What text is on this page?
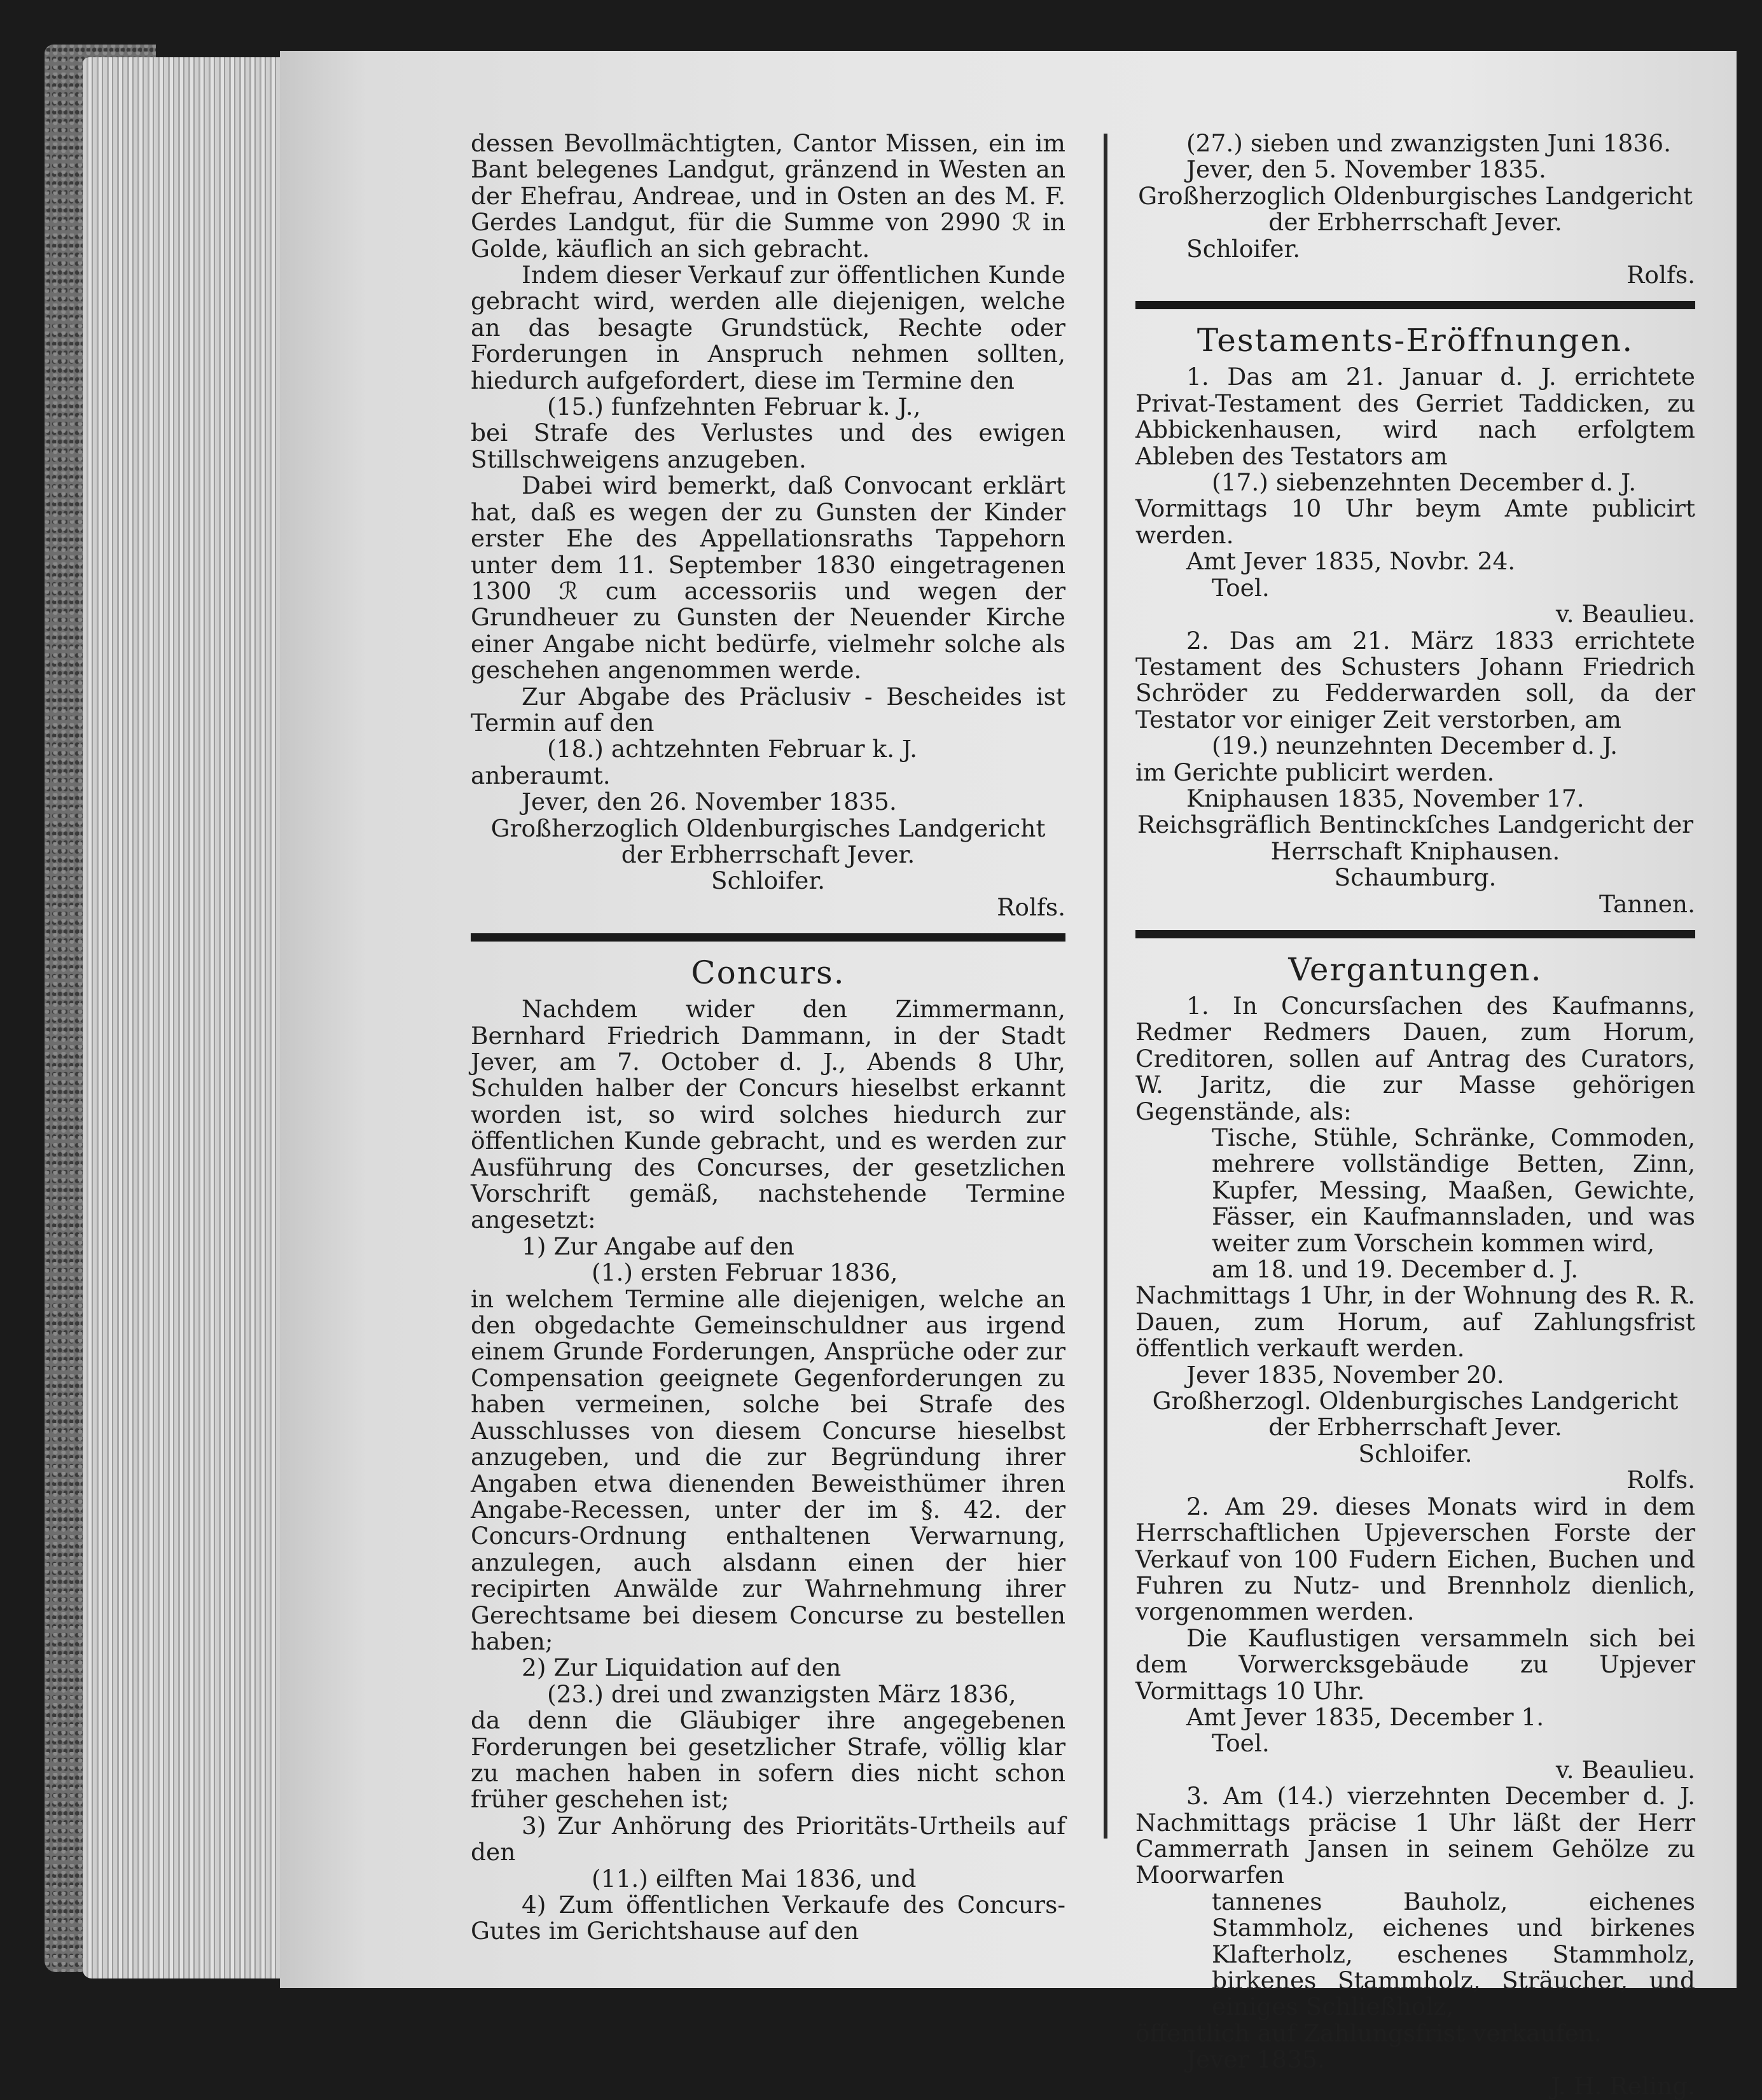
dessen Bevollmächtigten, Cantor Missen, ein im Bant belegenes Landgut, gränzend in Westen an der Ehefrau, Andreae, und in Osten an des M. F. Gerdes Landgut, für die Summe von 2990 ℛ in Golde, käuflich an sich gebracht.

Indem dieser Verkauf zur öffentlichen Kunde gebracht wird, werden alle diejenigen, welche an das besagte Grundstück, Rechte oder Forderungen in Anspruch nehmen sollten, hiedurch aufgefordert, diese im Termine den

(15.) funfzehnten Februar k. J.,

bei Strafe des Verlustes und des ewigen Stillschweigens anzugeben.

Dabei wird bemerkt, daß Convocant erklärt hat, daß es wegen der zu Gunsten der Kinder erster Ehe des Appellationsraths Tappehorn unter dem 11. September 1830 eingetragenen 1300 ℛ cum accessoriis und wegen der Grundheuer zu Gunsten der Neuender Kirche einer Angabe nicht bedürfe, vielmehr solche als geschehen angenommen werde.

Zur Abgabe des Präclusiv - Bescheides ist Termin auf den

(18.) achtzehnten Februar k. J.

anberaumt.

Jever, den 26. November 1835.

Großherzoglich Oldenburgisches Landgericht der Erbherrschaft Jever.

Schloifer.

Rolfs.

Concurs.

Nachdem wider den Zimmermann, Bernhard Friedrich Dammann, in der Stadt Jever, am 7. October d. J., Abends 8 Uhr, Schulden halber der Concurs hieselbst erkannt worden ist, so wird solches hiedurch zur öffentlichen Kunde gebracht, und es werden zur Ausführung des Concurses, der gesetzlichen Vorschrift gemäß, nachstehende Termine angesetzt:

1) Zur Angabe auf den

(1.) ersten Februar 1836,

in welchem Termine alle diejenigen, welche an den obgedachte Gemeinschuldner aus irgend einem Grunde Forderungen, Ansprüche oder zur Compensation geeignete Gegenforderungen zu haben vermeinen, solche bei Strafe des Ausschlusses von diesem Concurse hieselbst anzugeben, und die zur Begründung ihrer Angaben etwa dienenden Beweisthümer ihren Angabe-Recessen, unter der im §. 42. der Concurs-Ordnung enthaltenen Verwarnung, anzulegen, auch alsdann einen der hier recipirten Anwälde zur Wahrnehmung ihrer Gerechtsame bei diesem Concurse zu bestellen haben;

2) Zur Liquidation auf den

(23.) drei und zwanzigsten März 1836,

da denn die Gläubiger ihre angegebenen Forderungen bei gesetzlicher Strafe, völlig klar zu machen haben in sofern dies nicht schon früher geschehen ist;

3) Zur Anhörung des Prioritäts-Urtheils auf den

(11.) eilften Mai 1836, und

4) Zum öffentlichen Verkaufe des Concurs-Gutes im Gerichtshause auf den

(27.) sieben und zwanzigsten Juni 1836.

Jever, den 5. November 1835.

Großherzoglich Oldenburgisches Landgericht der Erbherrschaft Jever.

Schloifer.

Rolfs.

Testaments-Eröffnungen.

1. Das am 21. Januar d. J. errichtete Privat-Testament des Gerriet Taddicken, zu Abbickenhausen, wird nach erfolgtem Ableben des Testators am

(17.) siebenzehnten December d. J.

Vormittags 10 Uhr beym Amte publicirt werden.

Amt Jever 1835, Novbr. 24.

Toel.

v. Beaulieu.

2. Das am 21. März 1833 errichtete Testament des Schusters Johann Friedrich Schröder zu Fedderwarden soll, da der Testator vor einiger Zeit verstorben, am

(19.) neunzehnten December d. J.

im Gerichte publicirt werden.

Kniphausen 1835, November 17.

Reichsgräflich Bentinckſches Landgericht der Herrschaft Kniphausen.

Schaumburg.

Tannen.

Vergantungen.

1. In Concursſachen des Kaufmanns, Redmer Redmers Dauen, zum Horum, Creditoren, sollen auf Antrag des Curators, W. Jaritz, die zur Masse gehörigen Gegenstände, als:

Tische, Stühle, Schränke, Commoden, mehrere vollständige Betten, Zinn, Kupfer, Messing, Maaßen, Gewichte, Fässer, ein Kaufmannsladen, und was weiter zum Vorschein kommen wird,

am 18. und 19. December d. J.

Nachmittags 1 Uhr, in der Wohnung des R. R. Dauen, zum Horum, auf Zahlungsfrist öffentlich verkauft werden.

Jever 1835, November 20.

Großherzogl. Oldenburgisches Landgericht der Erbherrschaft Jever.

Schloifer.

Rolfs.

2. Am 29. dieses Monats wird in dem Herrschaftlichen Upjeverschen Forste der Verkauf von 100 Fudern Eichen, Buchen und Fuhren zu Nutz- und Brennholz dienlich, vorgenommen werden.

Die Kauflustigen versammeln sich bei dem Vorwercksgebäude zu Upjever Vormittags 10 Uhr.

Amt Jever 1835, December 1.

Toel.

v. Beaulieu.

3. Am (14.) vierzehnten December d. J. Nachmittags präcise 1 Uhr läßt der Herr Cammerrath Jansen in seinem Gehölze zu Moorwarfen

tannenes Bauholz, eichenes Stammholz, eichenes und birkenes Klafterholz, eschenes Stammholz, birkenes Stammholz, Sträucher, und einiges Schließholz,

öffentlich auf Zahlungsfrist verkaufen.

Jever 1835.

J. H. Reling.
